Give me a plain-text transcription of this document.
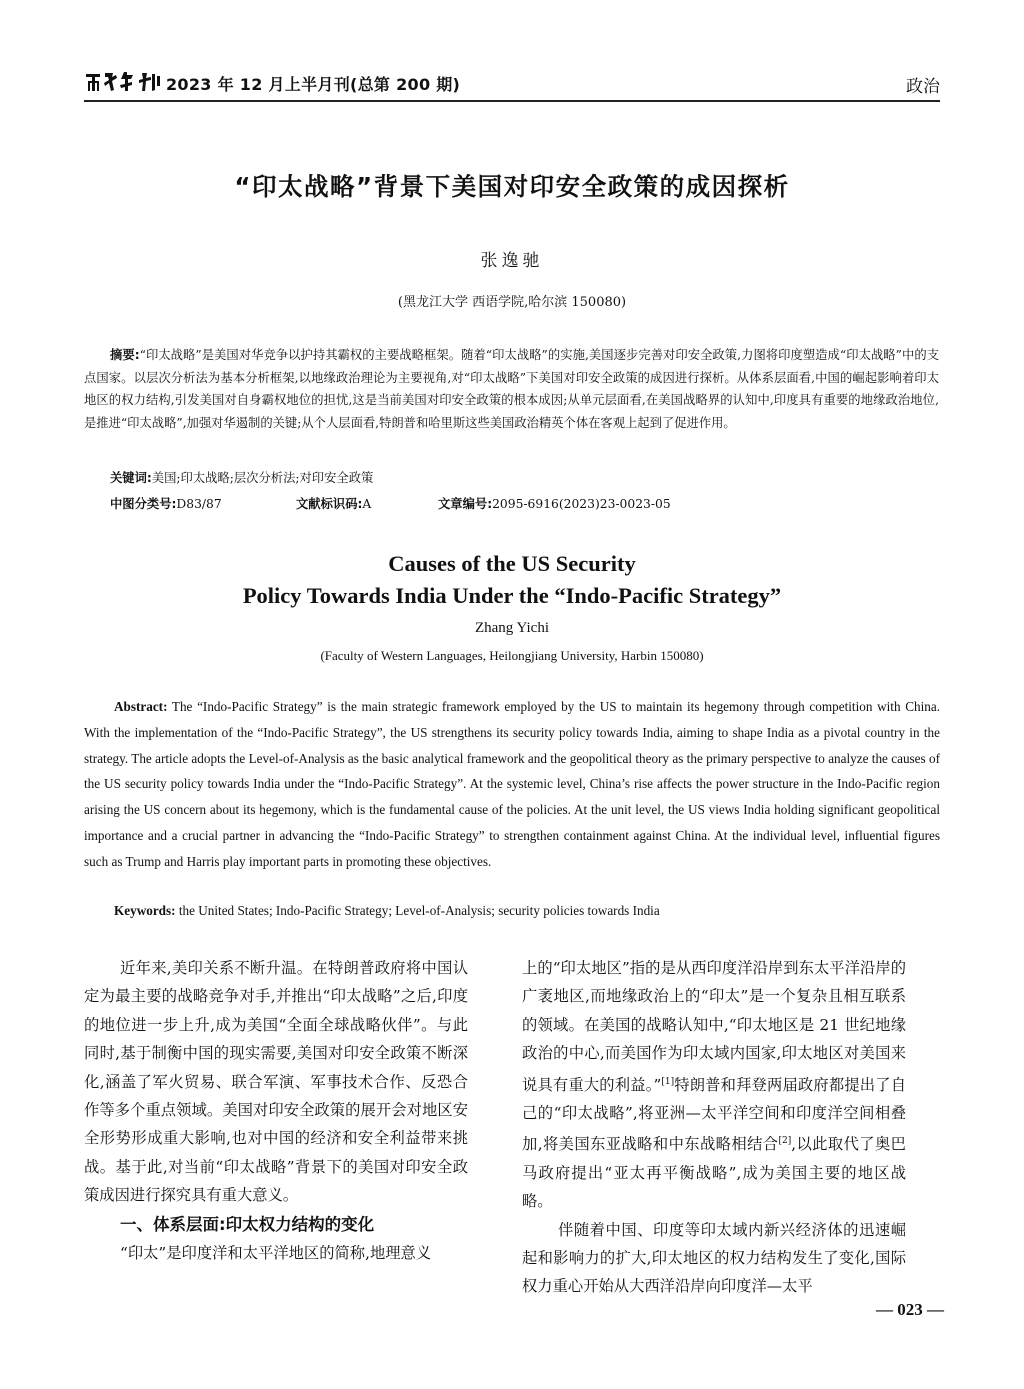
2023 年 12 月上半月刊(总第 200 期)	政治
“印太战略”背景下美国对印安全政策的成因探析

张逸驰

(黑龙江大学 西语学院,哈尔滨 150080)

摘要:“印太战略”是美国对华竞争以护持其霸权的主要战略框架。随着“印太战略”的实施,美国逐步完善对印安全政策,力图将印度塑造成“印太战略”中的支点国家。以层次分析法为基本分析框架,以地缘政治理论为主要视角,对“印太战略”下美国对印安全政策的成因进行探析。从体系层面看,中国的崛起影响着印太地区的权力结构,引发美国对自身霸权地位的担忧,这是当前美国对印安全政策的根本成因;从单元层面看,在美国战略界的认知中,印度具有重要的地缘政治地位,是推进“印太战略”,加强对华遏制的关键;从个人层面看,特朗普和哈里斯这些美国政治精英个体在客观上起到了促进作用。

关键词:美国;印太战略;层次分析法;对印安全政策

中图分类号:D83/87	文献标识码:A	文章编号:2095-6916(2023)23-0023-05
Causes of the US Security
Policy Towards India Under the “Indo-Pacific Strategy”

Zhang Yichi

(Faculty of Western Languages, Heilongjiang University, Harbin 150080)

Abstract: The “Indo-Pacific Strategy” is the main strategic framework employed by the US to maintain its hegemony through competition with China. With the implementation of the “Indo-Pacific Strategy”, the US strengthens its security policy towards India, aiming to shape India as a pivotal country in the strategy. The article adopts the Level-of-Analysis as the basic analytical framework and the geopolitical theory as the primary perspective to analyze the causes of the US security policy towards India under the “Indo-Pacific Strategy”. At the systemic level, China’s rise affects the power structure in the Indo-Pacific region arising the US concern about its hegemony, which is the fundamental cause of the policies. At the unit level, the US views India holding significant geopolitical importance and a crucial partner in advancing the “Indo-Pacific Strategy” to strengthen containment against China. At the individual level, influential figures such as Trump and Harris play important parts in promoting these objectives.

Keywords: the United States; Indo-Pacific Strategy; Level-of-Analysis; security policies towards India

近年来,美印关系不断升温。在特朗普政府将中国认定为最主要的战略竞争对手,并推出“印太战略”之后,印度的地位进一步上升,成为美国“全面全球战略伙伴”。与此同时,基于制衡中国的现实需要,美国对印安全政策不断深化,涵盖了军火贸易、联合军演、军事技术合作、反恐合作等多个重点领域。美国对印安全政策的展开会对地区安全形势形成重大影响,也对中国的经济和安全利益带来挑战。基于此,对当前“印太战略”背景下的美国对印安全政策成因进行探究具有重大意义。

一、体系层面:印太权力结构的变化

“印太”是印度洋和太平洋地区的简称,地理意义

上的“印太地区”指的是从西印度洋沿岸到东太平洋沿岸的广袤地区,而地缘政治上的“印太”是一个复杂且相互联系的领域。在美国的战略认知中,“印太地区是 21 世纪地缘政治的中心,而美国作为印太域内国家,印太地区对美国来说具有重大的利益。”[1]特朗普和拜登两届政府都提出了自己的“印太战略”,将亚洲—太平洋空间和印度洋空间相叠加,将美国东亚战略和中东战略相结合[2],以此取代了奥巴马政府提出“亚太再平衡战略”,成为美国主要的地区战略。

伴随着中国、印度等印太域内新兴经济体的迅速崛起和影响力的扩大,印太地区的权力结构发生了变化,国际权力重心开始从大西洋沿岸向印度洋—太平

— 023 —
